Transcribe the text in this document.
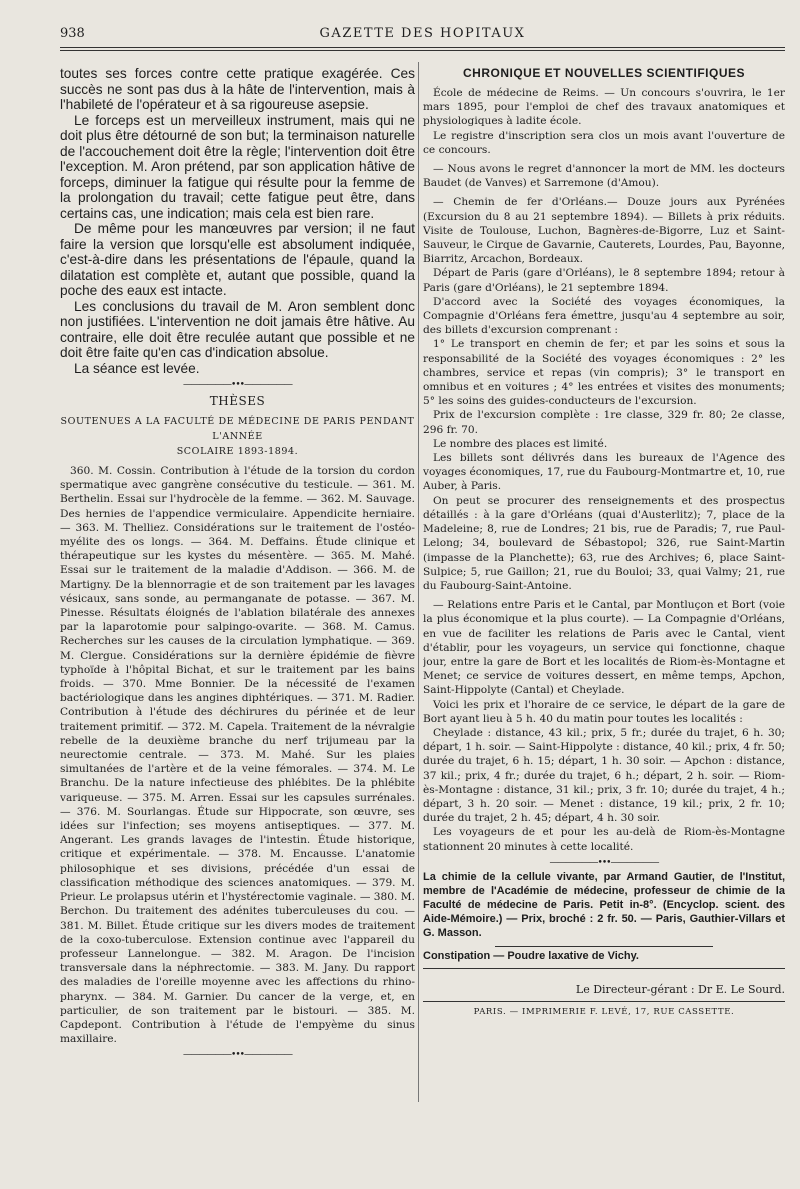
938	GAZETTE DES HOPITAUX

toutes ses forces contre cette pratique exagérée. Ces succès ne sont pas dus à la hâte de l'intervention, mais à l'habileté de l'opérateur et à sa rigoureuse asepsie.

Le forceps est un merveilleux instrument, mais qui ne doit plus être détourné de son but; la terminaison naturelle de l'accouchement doit être la règle; l'intervention doit être l'exception. M. Aron prétend, par son application hâtive de forceps, diminuer la fatigue qui résulte pour la femme de la prolongation du travail; cette fatigue peut être, dans certains cas, une indication; mais cela est bien rare.

De même pour les manœuvres par version; il ne faut faire la version que lorsqu'elle est absolument indiquée, c'est-à-dire dans les présentations de l'épaule, quand la dilatation est complète et, autant que possible, quand la poche des eaux est intacte.

Les conclusions du travail de M. Aron semblent donc non justifiées. L'intervention ne doit jamais être hâtive. Au contraire, elle doit être reculée autant que possible et ne doit être faite qu'en cas d'indication absolue.

La séance est levée.

——————•••——————
THÈSES
SOUTENUES A LA FACULTÉ DE MÉDECINE DE PARIS PENDANT L'ANNÉE
SCOLAIRE 1893-1894.

360. M. Cossin. Contribution à l'étude de la torsion du cordon spermatique avec gangrène consécutive du testicule. — 361. M. Berthelin. Essai sur l'hydrocèle de la femme. — 362. M. Sauvage. Des hernies de l'appendice vermiculaire. Appendicite herniaire. — 363. M. Thelliez. Considérations sur le traitement de l'ostéo-myélite des os longs. — 364. M. Deffains. Étude clinique et thérapeutique sur les kystes du mésentère. — 365. M. Mahé. Essai sur le traitement de la maladie d'Addison. — 366. M. de Martigny. De la blennorragie et de son traitement par les lavages vésicaux, sans sonde, au permanganate de potasse. — 367. M. Pinesse. Résultats éloignés de l'ablation bilatérale des annexes par la laparotomie pour salpingo-ovarite. — 368. M. Camus. Recherches sur les causes de la circulation lymphatique. — 369. M. Clergue. Considérations sur la dernière épidémie de fièvre typhoïde à l'hôpital Bichat, et sur le traitement par les bains froids. — 370. Mme Bonnier. De la nécessité de l'examen bactériologique dans les angines diphtériques. — 371. M. Radier. Contribution à l'étude des déchirures du périnée et de leur traitement primitif. — 372. M. Capela. Traitement de la névralgie rebelle de la deuxième branche du nerf trijumeau par la neurectomie centrale. — 373. M. Mahé. Sur les plaies simultanées de l'artère et de la veine fémorales. — 374. M. Le Branchu. De la nature infectieuse des phlébites. De la phlébite variqueuse. — 375. M. Arren. Essai sur les capsules surrénales. — 376. M. Sourlangas. Étude sur Hippocrate, son œuvre, ses idées sur l'infection; ses moyens antiseptiques. — 377. M. Angerant. Les grands lavages de l'intestin. Étude historique, critique et expérimentale. — 378. M. Encausse. L'anatomie philosophique et ses divisions, précédée d'un essai de classification méthodique des sciences anatomiques. — 379. M. Prieur. Le prolapsus utérin et l'hystérectomie vaginale. — 380. M. Berchon. Du traitement des adénites tuberculeuses du cou. — 381. M. Billet. Étude critique sur les divers modes de traitement de la coxo-tuberculose. Extension continue avec l'appareil du professeur Lannelongue. — 382. M. Aragon. De l'incision transversale dans la néphrectomie. — 383. M. Jany. Du rapport des maladies de l'oreille moyenne avec les affections du rhino-pharynx. — 384. M. Garnier. Du cancer de la verge, et, en particulier, de son traitement par le bistouri. — 385. M. Capdepont. Contribution à l'étude de l'empyème du sinus maxillaire.

——————•••——————
CHRONIQUE ET NOUVELLES SCIENTIFIQUES

École de médecine de Reims. — Un concours s'ouvrira, le 1er mars 1895, pour l'emploi de chef des travaux anatomiques et physiologiques à ladite école.

Le registre d'inscription sera clos un mois avant l'ouverture de ce concours.

— Nous avons le regret d'annoncer la mort de MM. les docteurs Baudet (de Vanves) et Sarremone (d'Amou).

— Chemin de fer d'Orléans.— Douze jours aux Pyrénées (Excursion du 8 au 21 septembre 1894). — Billets à prix réduits. Visite de Toulouse, Luchon, Bagnères-de-Bigorre, Luz et Saint-Sauveur, le Cirque de Gavarnie, Cauterets, Lourdes, Pau, Bayonne, Biarritz, Arcachon, Bordeaux.

Départ de Paris (gare d'Orléans), le 8 septembre 1894; retour à Paris (gare d'Orléans), le 21 septembre 1894.

D'accord avec la Société des voyages économiques, la Compagnie d'Orléans fera émettre, jusqu'au 4 septembre au soir, des billets d'excursion comprenant :

1° Le transport en chemin de fer; et par les soins et sous la responsabilité de la Société des voyages économiques : 2° les chambres, service et repas (vin compris); 3° le transport en omnibus et en voitures ; 4° les entrées et visites des monuments; 5° les soins des guides-conducteurs de l'excursion.

Prix de l'excursion complète : 1re classe, 329 fr. 80; 2e classe, 296 fr. 70.

Le nombre des places est limité.

Les billets sont délivrés dans les bureaux de l'Agence des voyages économiques, 17, rue du Faubourg-Montmartre et, 10, rue Auber, à Paris.

On peut se procurer des renseignements et des prospectus détaillés : à la gare d'Orléans (quai d'Austerlitz); 7, place de la Madeleine; 8, rue de Londres; 21 bis, rue de Paradis; 7, rue Paul-Lelong; 34, boulevard de Sébastopol; 326, rue Saint-Martin (impasse de la Planchette); 63, rue des Archives; 6, place Saint-Sulpice; 5, rue Gaillon; 21, rue du Bouloi; 33, quai Valmy; 21, rue du Faubourg-Saint-Antoine.

— Relations entre Paris et le Cantal, par Montluçon et Bort (voie la plus économique et la plus courte). — La Compagnie d'Orléans, en vue de faciliter les relations de Paris avec le Cantal, vient d'établir, pour les voyageurs, un service qui fonctionne, chaque jour, entre la gare de Bort et les localités de Riom-ès-Montagne et Menet; ce service de voitures dessert, en même temps, Apchon, Saint-Hippolyte (Cantal) et Cheylade.

Voici les prix et l'horaire de ce service, le départ de la gare de Bort ayant lieu à 5 h. 40 du matin pour toutes les localités :

Cheylade : distance, 43 kil.; prix, 5 fr.; durée du trajet, 6 h. 30; départ, 1 h. soir. — Saint-Hippolyte : distance, 40 kil.; prix, 4 fr. 50; durée du trajet, 6 h. 15; départ, 1 h. 30 soir. — Apchon : distance, 37 kil.; prix, 4 fr.; durée du trajet, 6 h.; départ, 2 h. soir. — Riom-ès-Montagne : distance, 31 kil.; prix, 3 fr. 10; durée du trajet, 4 h.; départ, 3 h. 20 soir. — Menet : distance, 19 kil.; prix, 2 fr. 10; durée du trajet, 2 h. 45; départ, 4 h. 30 soir.

Les voyageurs de et pour les au-delà de Riom-ès-Montagne stationnent 20 minutes à cette localité.

——————•••——————

La chimie de la cellule vivante, par Armand Gautier, de l'Institut, membre de l'Académie de médecine, professeur de chimie de la Faculté de médecine de Paris. Petit in-8°. (Encyclop. scient. des Aide-Mémoire.) — Prix, broché : 2 fr. 50. — Paris, Gauthier-Villars et G. Masson.

Constipation — Poudre laxative de Vichy.

Le Directeur-gérant : Dr E. Le Sourd.
PARIS. — IMPRIMERIE F. LEVÉ, 17, RUE CASSETTE.
